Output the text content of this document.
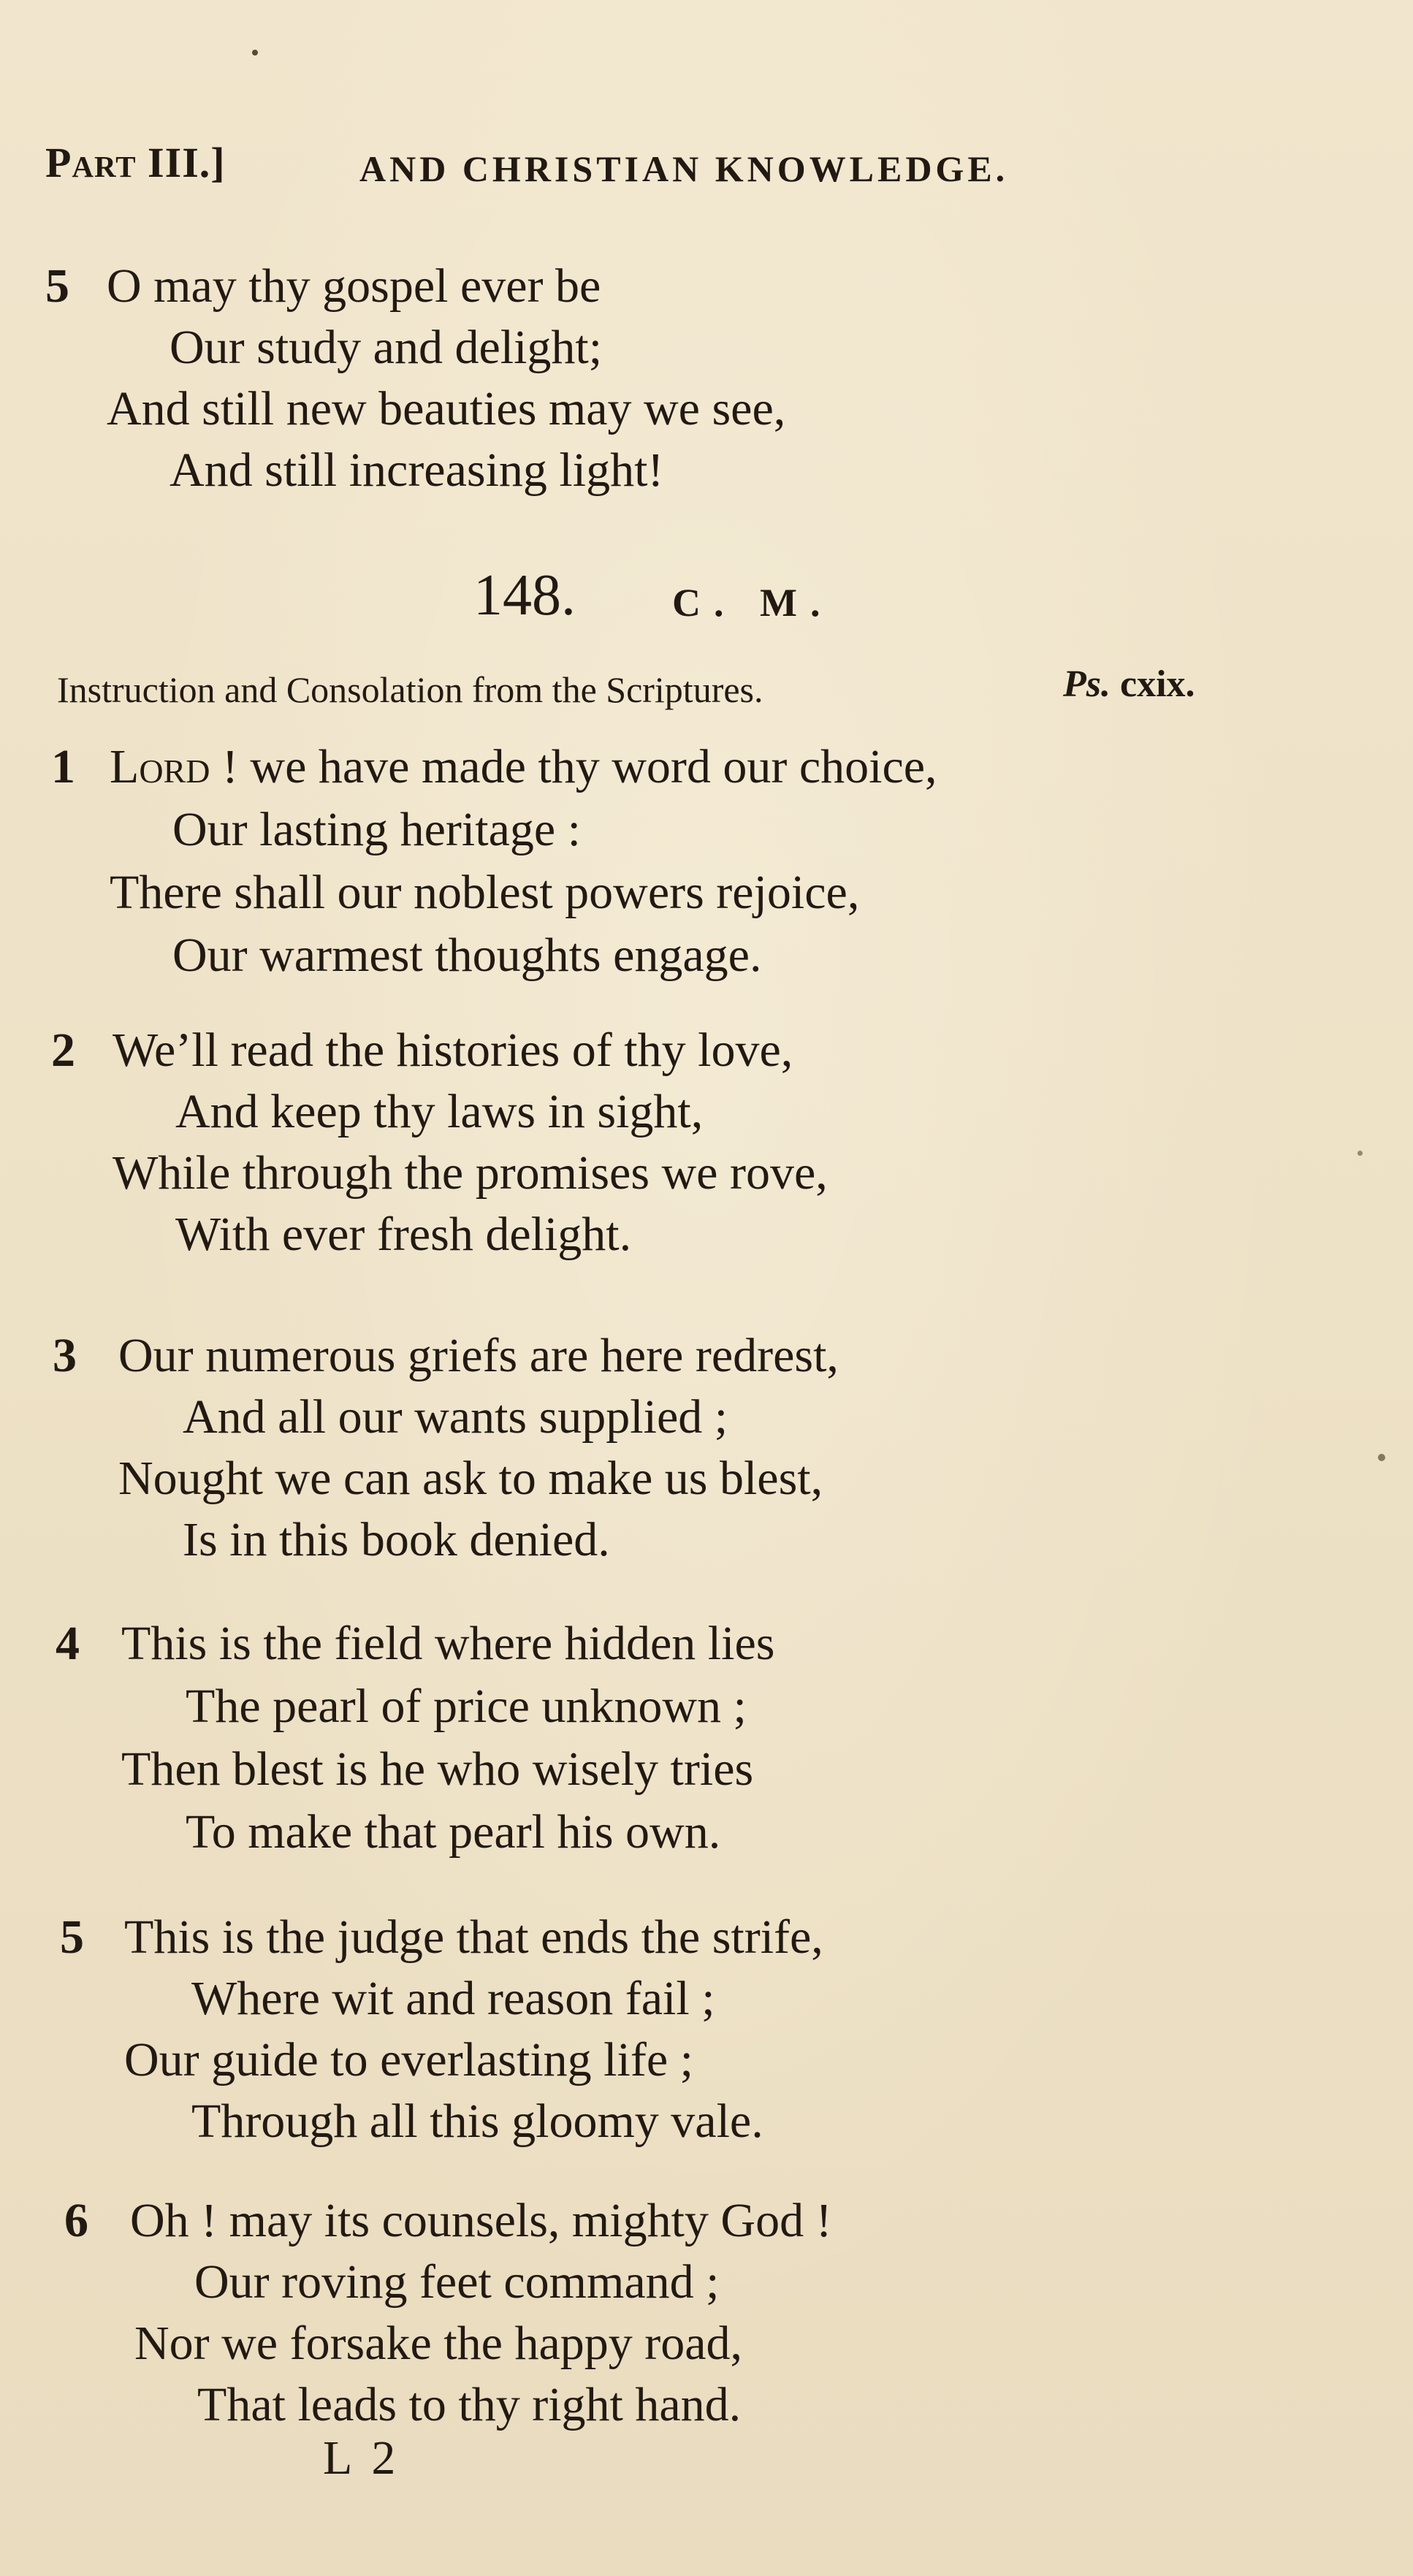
Part III.]	AND CHRISTIAN KNOWLEDGE.
5 O may thy gospel ever be
Our study and delight;
And still new beauties may we see,
And still increasing light!
148. C. M.
Instruction and Consolation from the Scriptures.	Ps. cxix.
1 Lord ! we have made thy word our choice,
Our lasting heritage :
There shall our noblest powers rejoice,
Our warmest thoughts engage.
2 We’ll read the histories of thy love,
And keep thy laws in sight,
While through the promises we rove,
With ever fresh delight.
3 Our numerous griefs are here redrest,
And all our wants supplied ;
Nought we can ask to make us blest,
Is in this book denied.
4 This is the field where hidden lies
The pearl of price unknown ;
Then blest is he who wisely tries
To make that pearl his own.
5 This is the judge that ends the strife,
Where wit and reason fail ;
Our guide to everlasting life ;
Through all this gloomy vale.
6 Oh ! may its counsels, mighty God !
Our roving feet command ;
Nor we forsake the happy road,
That leads to thy right hand.
L 2
